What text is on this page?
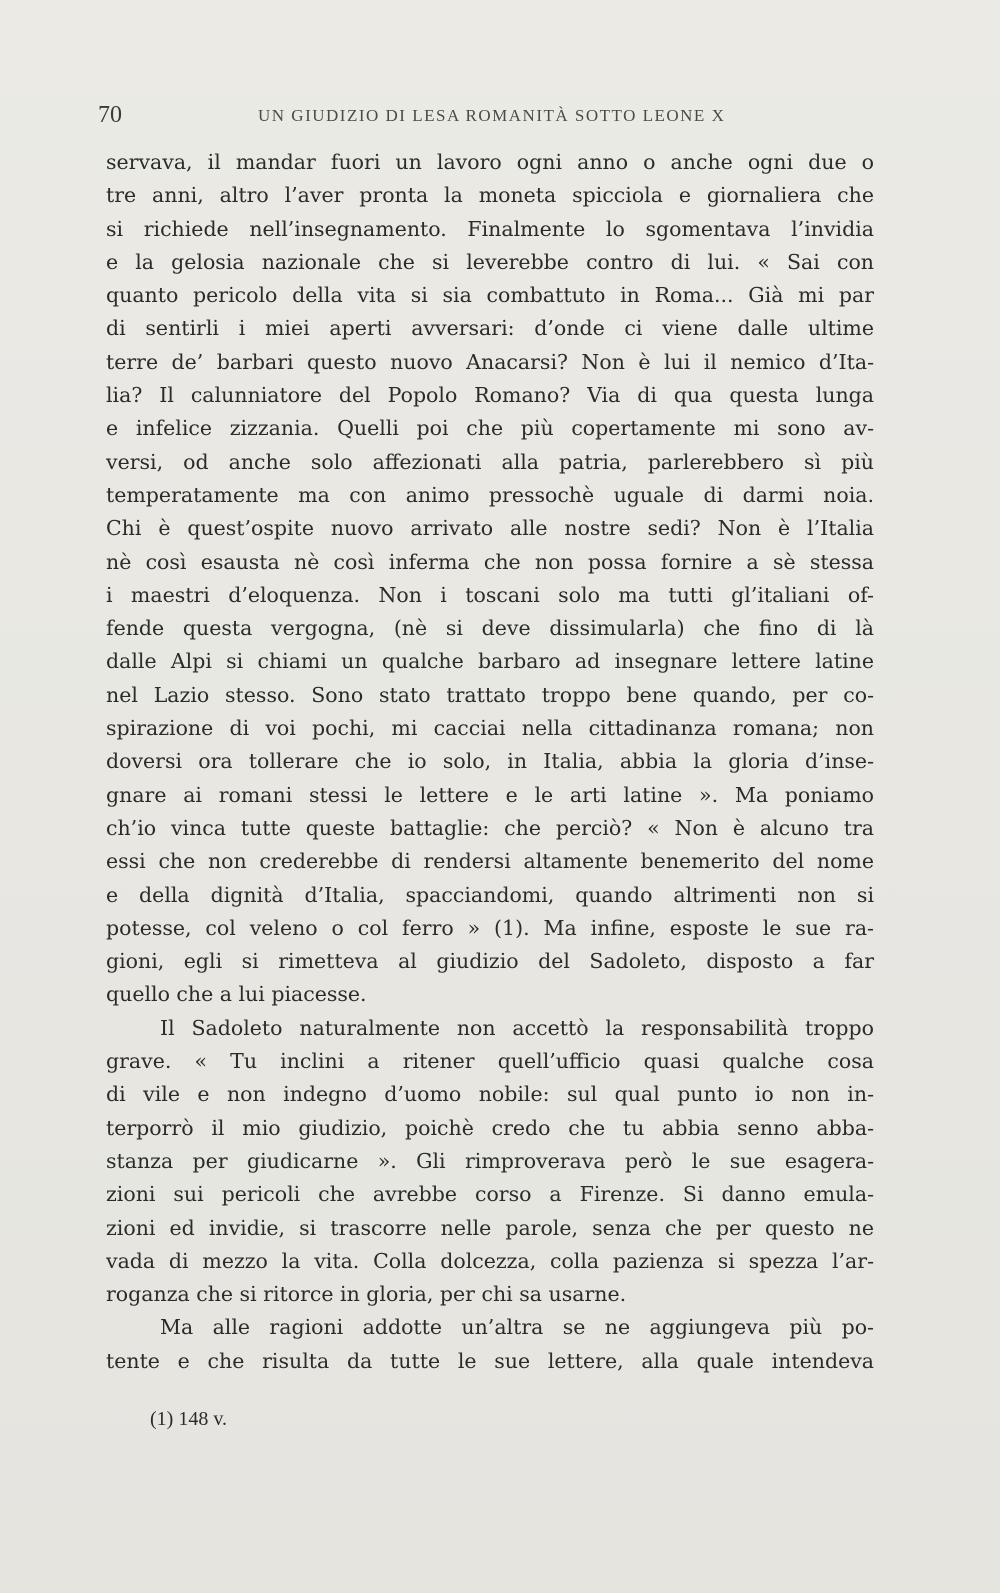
70	UN GIUDIZIO DI LESA ROMANITÀ SOTTO LEONE X
servava, il mandar fuori un lavoro ogni anno o anche ogni due o
tre anni, altro l’aver pronta la moneta spicciola e giornaliera che
si richiede nell’insegnamento. Finalmente lo sgomentava l’invidia
e la gelosia nazionale che si leverebbe contro di lui. « Sai con
quanto pericolo della vita si sia combattuto in Roma... Già mi par
di sentirli i miei aperti avversari: d’onde ci viene dalle ultime
terre de’ barbari questo nuovo Anacarsi? Non è lui il nemico d’Ita-
lia? Il calunniatore del Popolo Romano? Via di qua questa lunga
e infelice zizzania. Quelli poi che più copertamente mi sono av-
versi, od anche solo affezionati alla patria, parlerebbero sì più
temperatamente ma con animo pressochè uguale di darmi noia.
Chi è quest’ospite nuovo arrivato alle nostre sedi? Non è l’Italia
nè così esausta nè così inferma che non possa fornire a sè stessa
i maestri d’eloquenza. Non i toscani solo ma tutti gl’italiani of-
fende questa vergogna, (nè si deve dissimularla) che fino di là
dalle Alpi si chiami un qualche barbaro ad insegnare lettere latine
nel Lazio stesso. Sono stato trattato troppo bene quando, per co-
spirazione di voi pochi, mi cacciai nella cittadinanza romana; non
doversi ora tollerare che io solo, in Italia, abbia la gloria d’inse-
gnare ai romani stessi le lettere e le arti latine ». Ma poniamo
ch’io vinca tutte queste battaglie: che perciò? « Non è alcuno tra
essi che non crederebbe di rendersi altamente benemerito del nome
e della dignità d’Italia, spacciandomi, quando altrimenti non si
potesse, col veleno o col ferro » (1). Ma infine, esposte le sue ra-
gioni, egli si rimetteva al giudizio del Sadoleto, disposto a far
quello che a lui piacesse.
Il Sadoleto naturalmente non accettò la responsabilità troppo
grave. « Tu inclini a ritener quell’ufficio quasi qualche cosa
di vile e non indegno d’uomo nobile: sul qual punto io non in-
terporrò il mio giudizio, poichè credo che tu abbia senno abba-
stanza per giudicarne ». Gli rimproverava però le sue esagera-
zioni sui pericoli che avrebbe corso a Firenze. Si danno emula-
zioni ed invidie, si trascorre nelle parole, senza che per questo ne
vada di mezzo la vita. Colla dolcezza, colla pazienza si spezza l’ar-
roganza che si ritorce in gloria, per chi sa usarne.
Ma alle ragioni addotte un’altra se ne aggiungeva più po-
tente e che risulta da tutte le sue lettere, alla quale intendeva
(1) 148 v.
